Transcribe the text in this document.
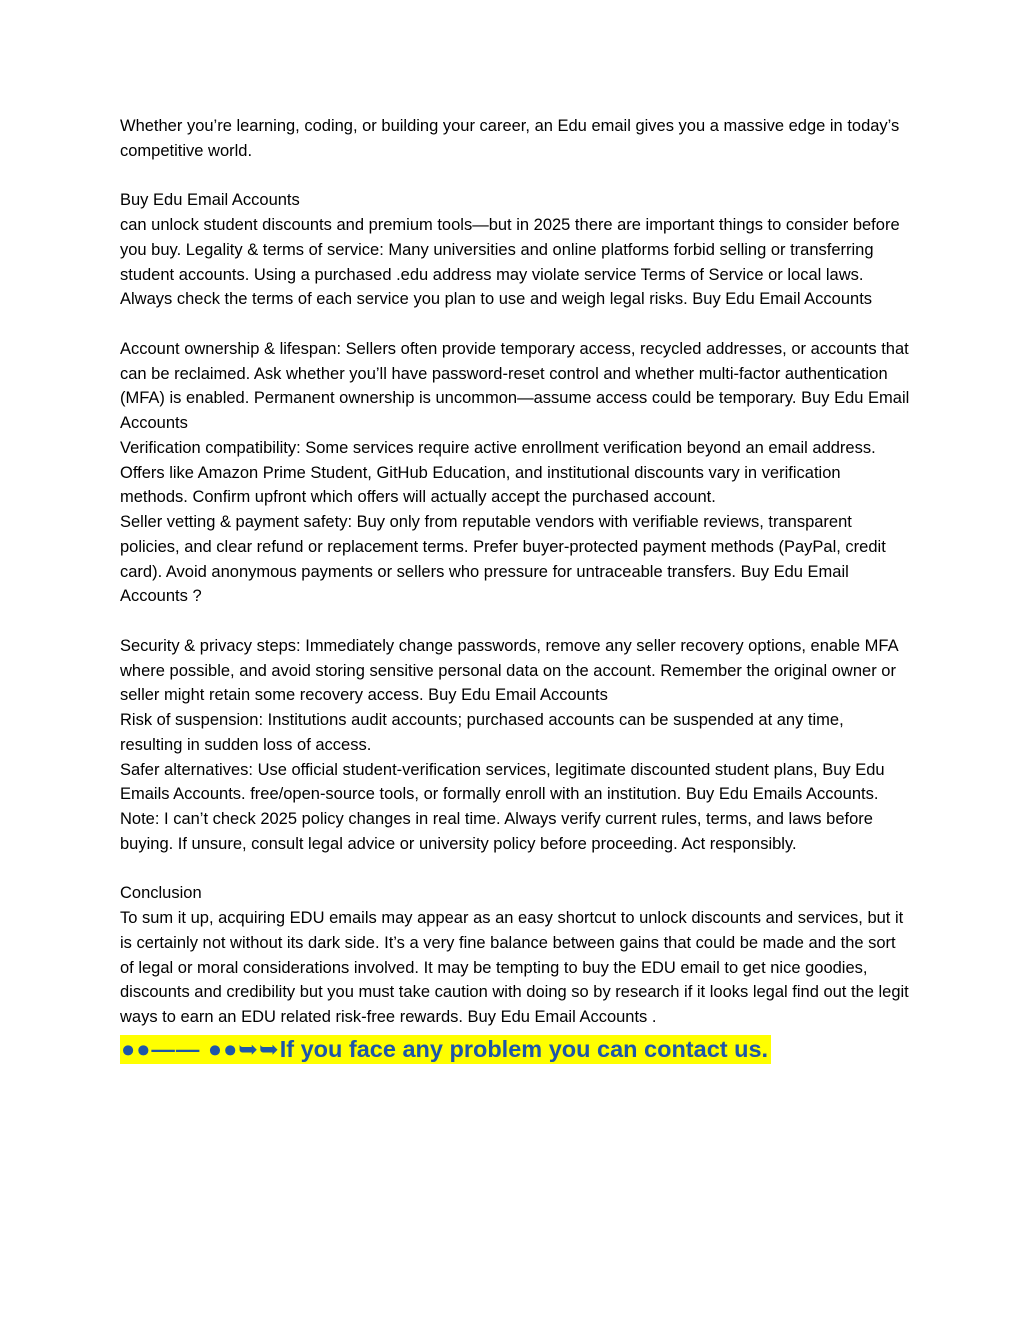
Whether you’re learning, coding, or building your career, an Edu email gives you a massive edge in today’s competitive world.

Buy Edu Email Accounts

can unlock student discounts and premium tools—but in 2025 there are important things to consider before you buy. Legality & terms of service: Many universities and online platforms forbid selling or transferring student accounts. Using a purchased .edu address may violate service Terms of Service or local laws. Always check the terms of each service you plan to use and weigh legal risks. Buy Edu Email Accounts

Account ownership & lifespan: Sellers often provide temporary access, recycled addresses, or accounts that can be reclaimed. Ask whether you’ll have password-reset control and whether multi-factor authentication (MFA) is enabled. Permanent ownership is uncommon—assume access could be temporary. Buy Edu Email Accounts

Verification compatibility: Some services require active enrollment verification beyond an email address. Offers like Amazon Prime Student, GitHub Education, and institutional discounts vary in verification methods. Confirm upfront which offers will actually accept the purchased account.

Seller vetting & payment safety: Buy only from reputable vendors with verifiable reviews, transparent policies, and clear refund or replacement terms. Prefer buyer-protected payment methods (PayPal, credit card). Avoid anonymous payments or sellers who pressure for untraceable transfers. Buy Edu Email Accounts ?

Security & privacy steps: Immediately change passwords, remove any seller recovery options, enable MFA where possible, and avoid storing sensitive personal data on the account. Remember the original owner or seller might retain some recovery access. Buy Edu Email Accounts

Risk of suspension: Institutions audit accounts; purchased accounts can be suspended at any time, resulting in sudden loss of access.

Safer alternatives: Use official student-verification services, legitimate discounted student plans, Buy Edu Emails Accounts. free/open-source tools, or formally enroll with an institution. Buy Edu Emails Accounts.

Note: I can’t check 2025 policy changes in real time. Always verify current rules, terms, and laws before buying. If unsure, consult legal advice or university policy before proceeding. Act responsibly.

Conclusion

To sum it up, acquiring EDU emails may appear as an easy shortcut to unlock discounts and services, but it is certainly not without its dark side. It’s a very fine balance between gains that could be made and the sort of legal or moral considerations involved. It may be tempting to buy the EDU email to get nice goodies, discounts and credibility but you must take caution with doing so by research if it looks legal find out the legit ways to earn an EDU related risk-free rewards. Buy Edu Email Accounts .

●●—— ●●➥➥If you face any problem you can contact us.
